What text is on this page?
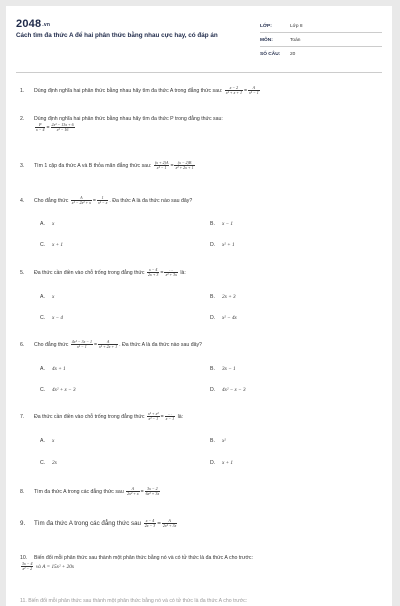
2048.vn
Cách tìm đa thức A để hai phân thức bằng nhau cực hay, có đáp án
LỚP:	Lớp 8
MÔN:	Toán
SỐ CÂU: 20
1. Dùng định nghĩa hai phân thức bằng nhau hãy tìm đa thức A trong đẳng thức sau: $\frac{x - 2}{\text{x² + x + 1}} = \frac{A}{\text{x³ − 1}}$
2. Dùng định nghĩa hai phân thức bằng nhau hãy tìm đa thức P trong đẳng thức sau:

$\frac{P}{x - 4} = \frac{\text{2x³ − 13x + 6}}{\text{x² − 16}}$
3. Tìm 1 cặp đa thức A và B thỏa mãn đẳng thức sau: $\frac{(x + 2)A}{\text{x³ − 1}} = \frac{(x - 2)B}{\text{x² + 2x + 1}}$
4. Cho đẳng thức $\frac{A}{\text{x² − 2x² + x}} = \frac{1}{\text{x² − x}}$ . Đa thức A là đa thức nào sau đây?
A. x	B. x − 1
C. x + 1	D. x² + 1
5. Đa thức cần điền vào chỗ trống trong đẳng thức $\frac{x - 4}{2x + 3}$ =
…
x² + 3x là:
A. x	B. 2x + 3
C. x − 4	D. x² − 4x
6. Cho đẳng thức $\frac{\text{4x² − 3x − 1}}{\text{x² − 1}} = \frac{A}{\text{x² + 2x + 1}}$ . Đa thức A là đa thức nào sau đây?
A. 4x + 1	B. 3x − 1
C. 4x² + x − 3	D. 4x² − x − 3
7. Đa thức cần điền vào chỗ trống trong đẳng thức $\frac{\text{x² + x²}}{\text{x² − 1}}$ =
…
x − 1 là:
A. x	B. x²
C. 2x	D. x + 1
8. Tìm đa thức A trong các đẳng thức sau $\frac{A}{\text{2x² + x}} = \frac{3x - 2}{\text{6x² + 3x}}$
9. Tìm đa thức A trong các đẳng thức sau $\frac{x - 4}{2x - 3} = \frac{A}{\text{2x² + 3x}}$
10. Biến đổi mỗi phân thức sau thành một phân thức bằng nó và có tử thức là đa thức A cho trước:

$\frac{3x - 4}{\text{x² − 2}}$ và A = 15x² + 20x
11. Biến đổi mỗi phân thức sau thành một phân thức bằng nó và có tử thức là đa thức A cho trước:
